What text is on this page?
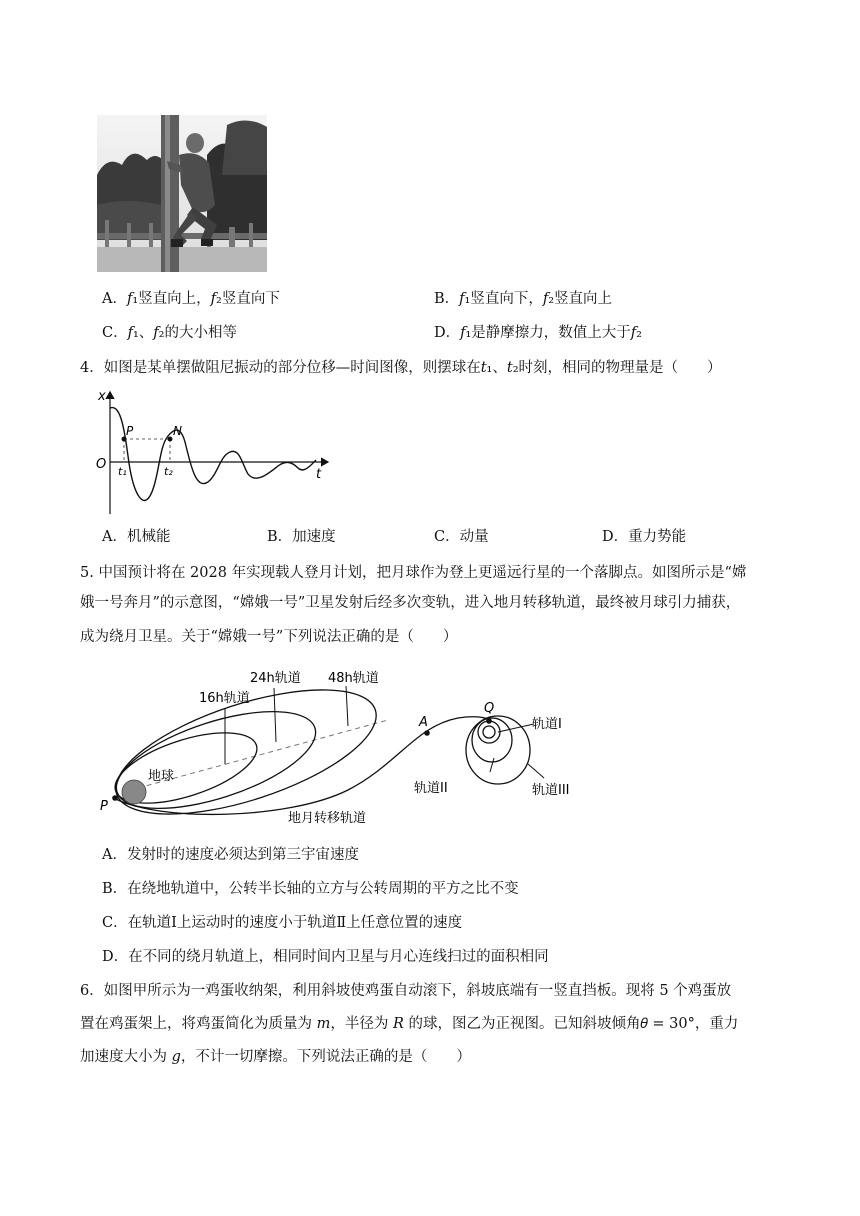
A．𝑓₁竖直向上，𝑓₂竖直向下	B．𝑓₁竖直向下，𝑓₂竖直向上
C．𝑓₁、𝑓₂的大小相等	D．𝑓₁是静摩擦力，数值上大于𝑓₂
4．如图是某单摆做阻尼振动的部分位移—时间图像，则摆球在𝑡₁、𝑡₂时刻，相同的物理量是（　　）
x
t
O
P	N
t₁	t₂
A．机械能	B．加速度	C．动量	D．重力势能
5. 中国预计将在 2028 年实现载人登月计划，把月球作为登上更遥远行星的一个落脚点。如图所示是“嫦
娥一号奔月”的示意图，“嫦娥一号”卫星发射后经多次变轨，进入地月转移轨道，最终被月球引力捕获，
成为绕月卫星。关于“嫦娥一号”下列说法正确的是（　　）
16h轨道
24h轨道 48h轨道
地球
P
A
Q
轨道I
轨道II	轨道III
地月转移轨道
A．发射时的速度必须达到第三宇宙速度
B．在绕地轨道中，公转半长轴的立方与公转周期的平方之比不变
C．在轨道Ⅰ上运动时的速度小于轨道Ⅱ上任意位置的速度
D．在不同的绕月轨道上，相同时间内卫星与月心连线扫过的面积相同
6．如图甲所示为一鸡蛋收纳架，利用斜坡使鸡蛋自动滚下，斜坡底端有一竖直挡板。现将 5 个鸡蛋放
置在鸡蛋架上，将鸡蛋简化为质量为 𝑚，半径为 𝑅 的球，图乙为正视图。已知斜坡倾角𝜃 = 30°，重力
加速度大小为 𝑔，不计一切摩擦。下列说法正确的是（　　）
